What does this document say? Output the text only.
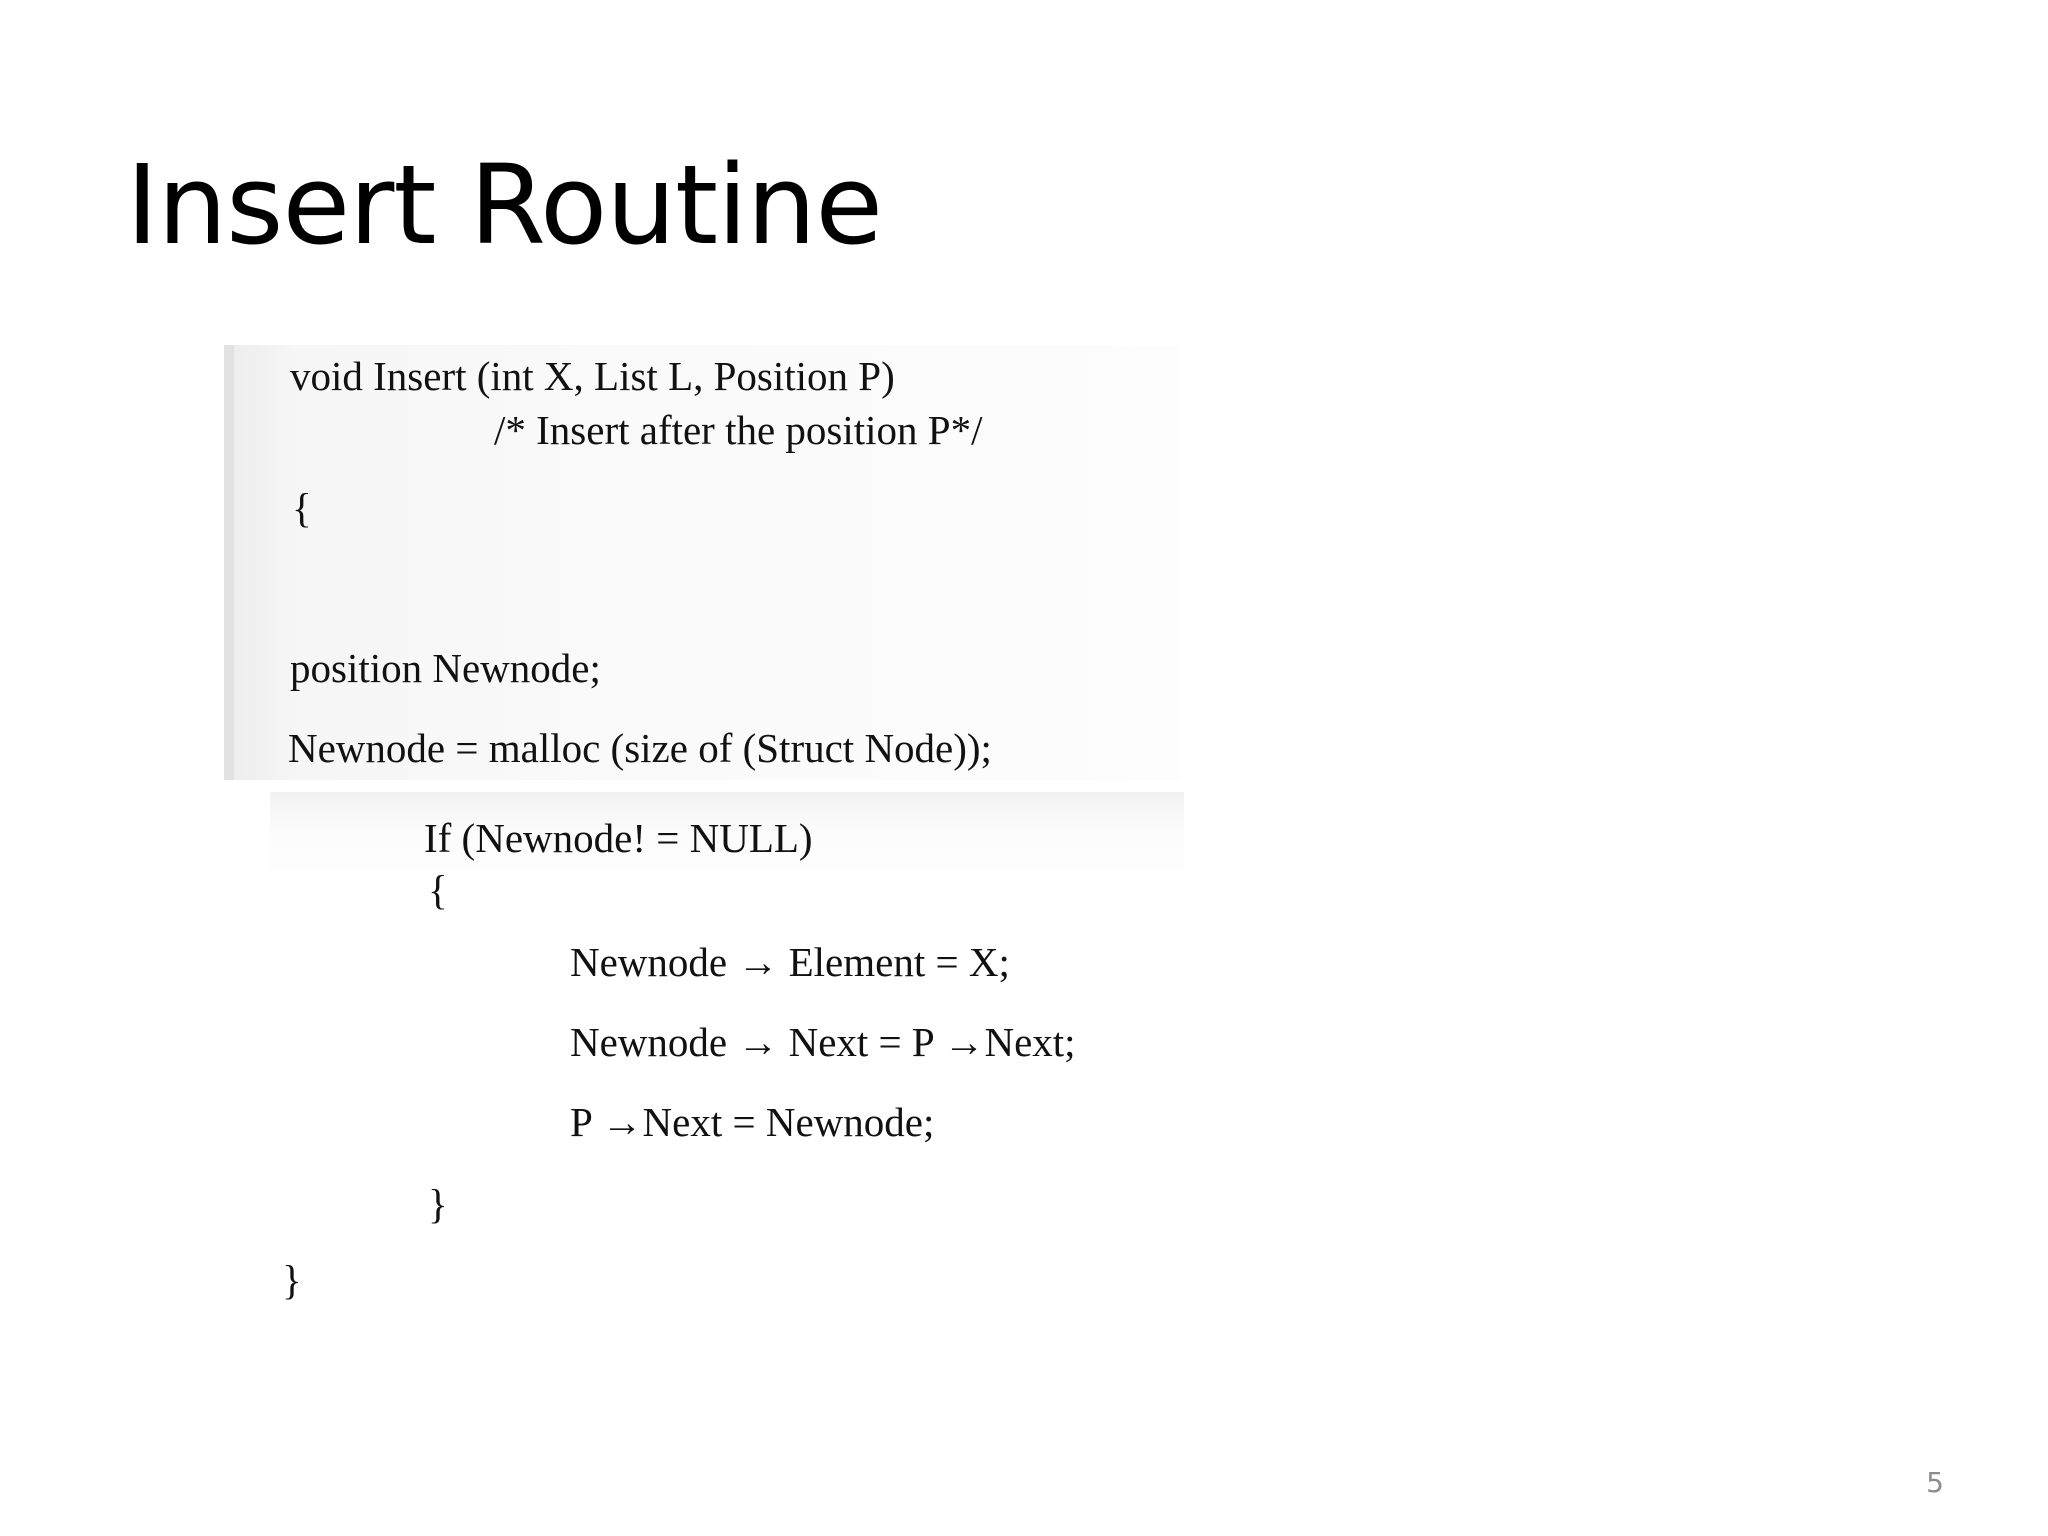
Insert Routine

void Insert (int X, List L, Position P)

/* Insert after the position P*/

{

position Newnode;

Newnode = malloc (size of (Struct Node));

If (Newnode! = NULL)

{

Newnode → Element = X;

Newnode → Next = P →Next;

P →Next = Newnode;

}

}

5
